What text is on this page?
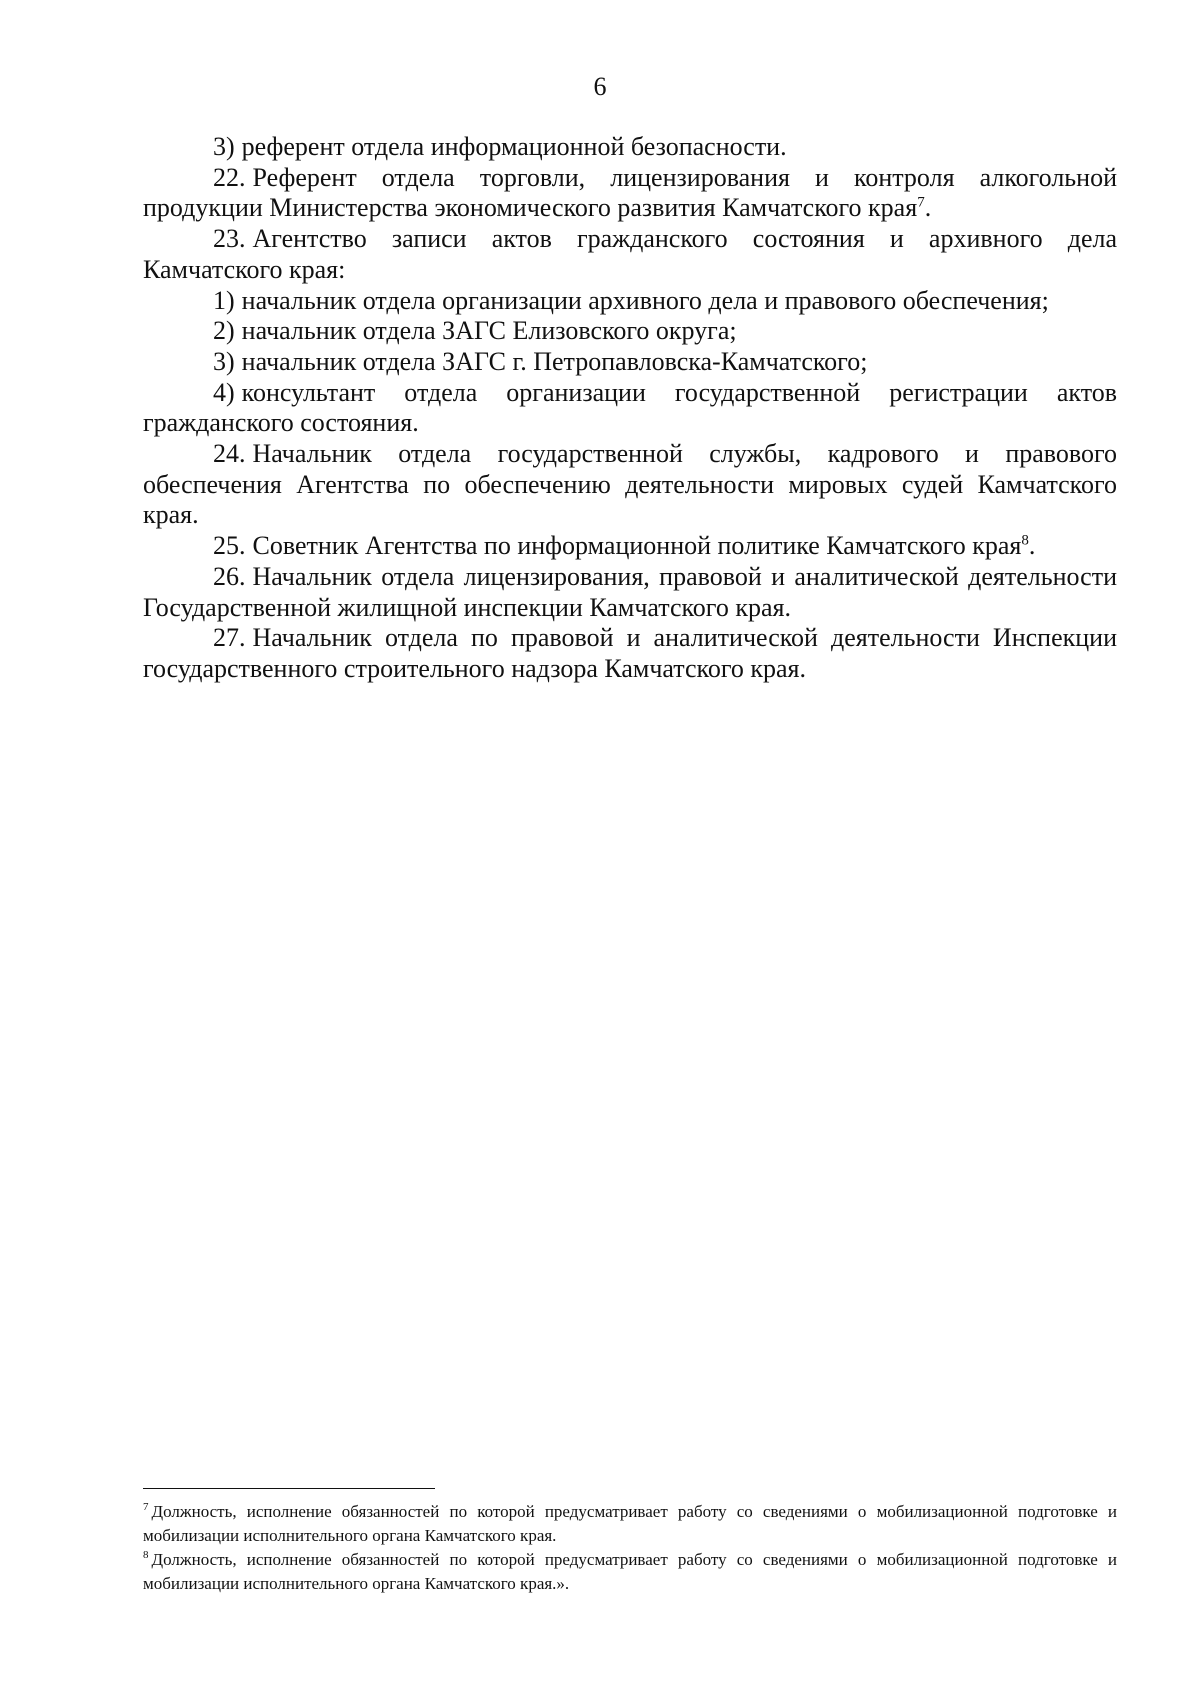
6

3) референт отдела информационной безопасности.

22. Референт отдела торговли, лицензирования и контроля алкогольной продукции Министерства экономического развития Камчатского края$^7$.

23. Агентство записи актов гражданского состояния и архивного дела Камчатского края:

1) начальник отдела организации архивного дела и правового обеспечения;

2) начальник отдела ЗАГС Елизовского округа;

3) начальник отдела ЗАГС г. Петропавловска-Камчатского;

4) консультант отдела организации государственной регистрации актов гражданского состояния.

24. Начальник отдела государственной службы, кадрового и правового обеспечения Агентства по обеспечению деятельности мировых судей Камчатского края.

25. Советник Агентства по информационной политике Камчатского края$^8$.

26. Начальник отдела лицензирования, правовой и аналитической деятельности Государственной жилищной инспекции Камчатского края.

27. Начальник отдела по правовой и аналитической деятельности Инспекции государственного строительного надзора Камчатского края.

$^7$ Должность, исполнение обязанностей по которой предусматривает работу со сведениями о мобилизационной подготовке и мобилизации исполнительного органа Камчатского края.

$^8$ Должность, исполнение обязанностей по которой предусматривает работу со сведениями о мобилизационной подготовке и мобилизации исполнительного органа Камчатского края.».
